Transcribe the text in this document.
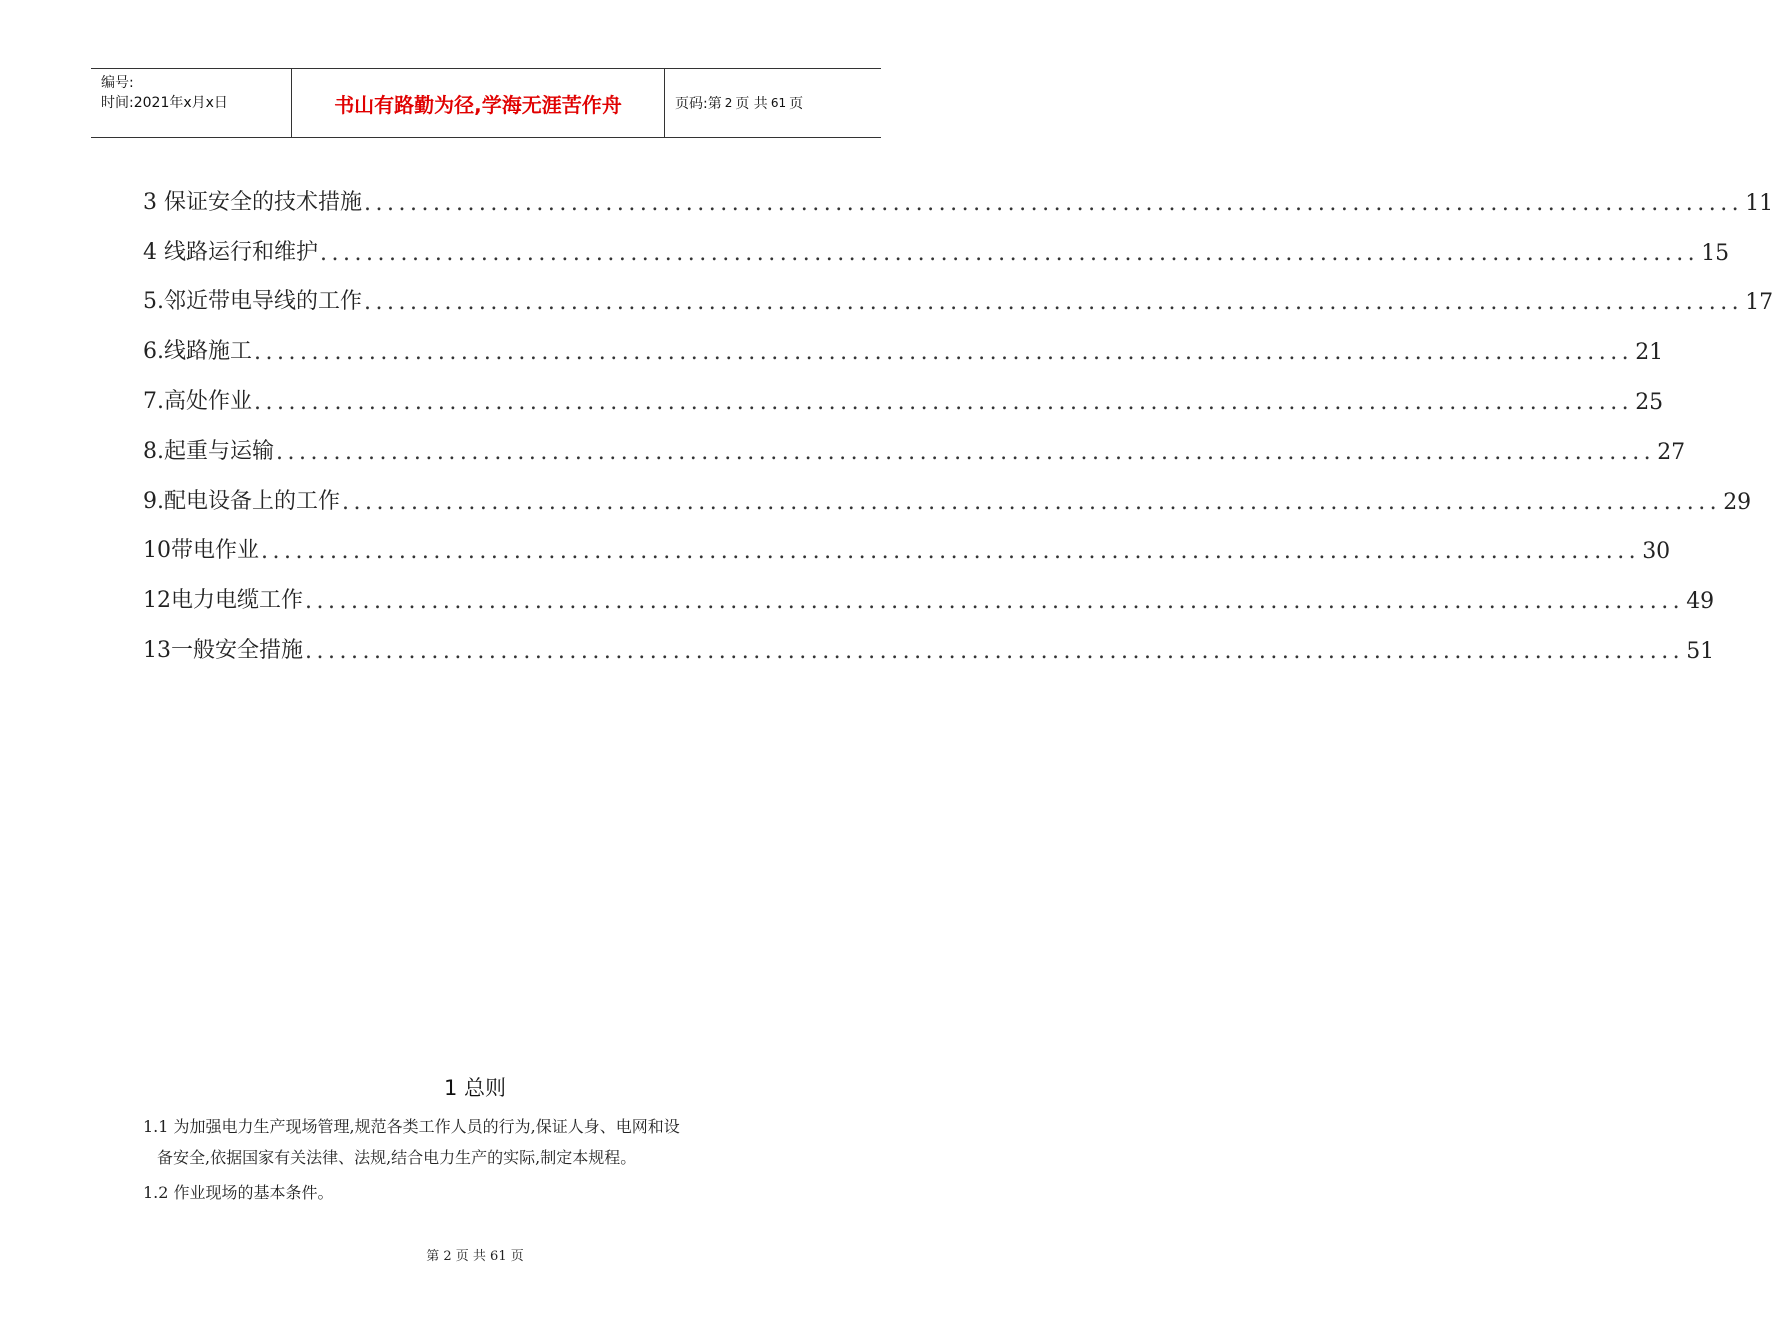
编号:
时间:2021年x月x日	书山有路勤为径,学海无涯苦作舟	页码:第 2 页 共 61 页
3 保证安全的技术措施 ........................................................................................................................ 11
4 线路运行和维护 ........................................................................................................................ 15
5.邻近带电导线的工作 ........................................................................................................................ 17
6.线路施工 ........................................................................................................................ 21
7.高处作业 ........................................................................................................................ 25
8.起重与运输 ........................................................................................................................ 27
9.配电设备上的工作 ........................................................................................................................ 29
10带电作业 ........................................................................................................................ 30
12电力电缆工作 ........................................................................................................................ 49
13一般安全措施 ........................................................................................................................ 51
1 总则
1.1 为加强电力生产现场管理,规范各类工作人员的行为,保证人身、电网和设
备安全,依据国家有关法律、法规,结合电力生产的实际,制定本规程。
1.2 作业现场的基本条件。
第 2 页 共 61 页
